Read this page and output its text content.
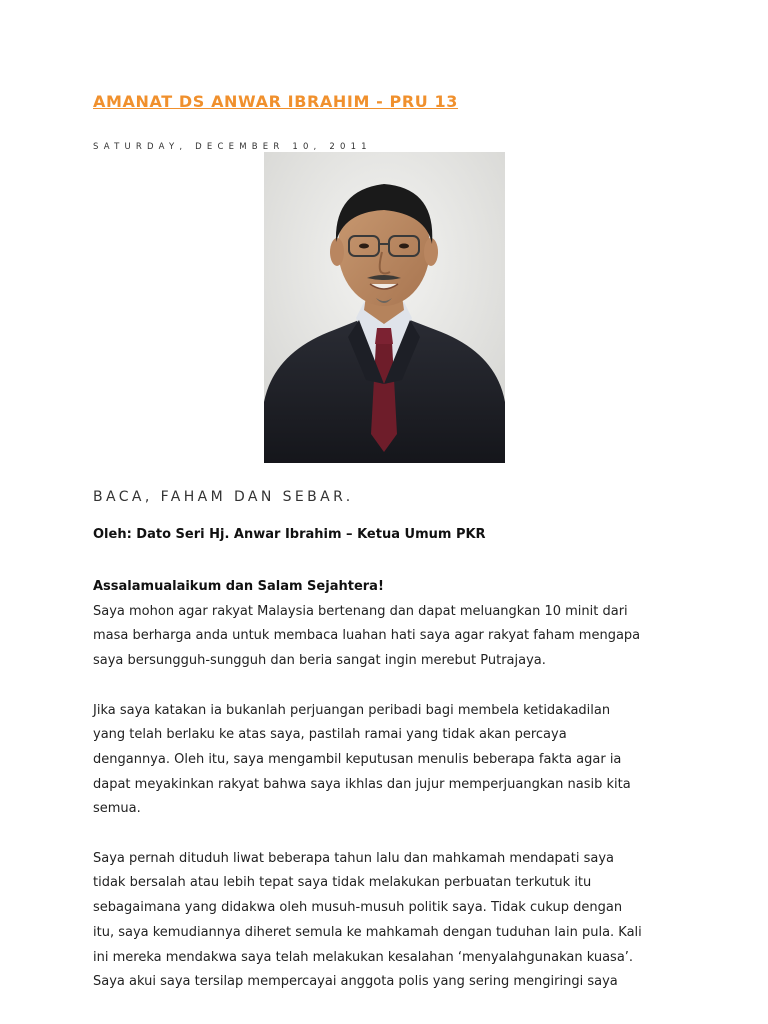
AMANAT DS ANWAR IBRAHIM - PRU 13
SATURDAY, DECEMBER 10, 2011
BACA, FAHAM DAN SEBAR.
Oleh: Dato Seri Hj. Anwar Ibrahim – Ketua Umum PKR

Assalamualaikum dan Salam Sejahtera!
Saya mohon agar rakyat Malaysia bertenang dan dapat meluangkan 10 minit dari
masa berharga anda untuk membaca luahan hati saya agar rakyat faham mengapa
saya bersungguh-sungguh dan beria sangat ingin merebut Putrajaya.

Jika saya katakan ia bukanlah perjuangan peribadi bagi membela ketidakadilan
yang telah berlaku ke atas saya, pastilah ramai yang tidak akan percaya
dengannya. Oleh itu, saya mengambil keputusan menulis beberapa fakta agar ia
dapat meyakinkan rakyat bahwa saya ikhlas dan jujur memperjuangkan nasib kita
semua.

Saya pernah dituduh liwat beberapa tahun lalu dan mahkamah mendapati saya
tidak bersalah atau lebih tepat saya tidak melakukan perbuatan terkutuk itu
sebagaimana yang didakwa oleh musuh-musuh politik saya. Tidak cukup dengan
itu, saya kemudiannya diheret semula ke mahkamah dengan tuduhan lain pula. Kali
ini mereka mendakwa saya telah melakukan kesalahan ‘menyalahgunakan kuasa’.
Saya akui saya tersilap mempercayai anggota polis yang sering mengiringi saya
